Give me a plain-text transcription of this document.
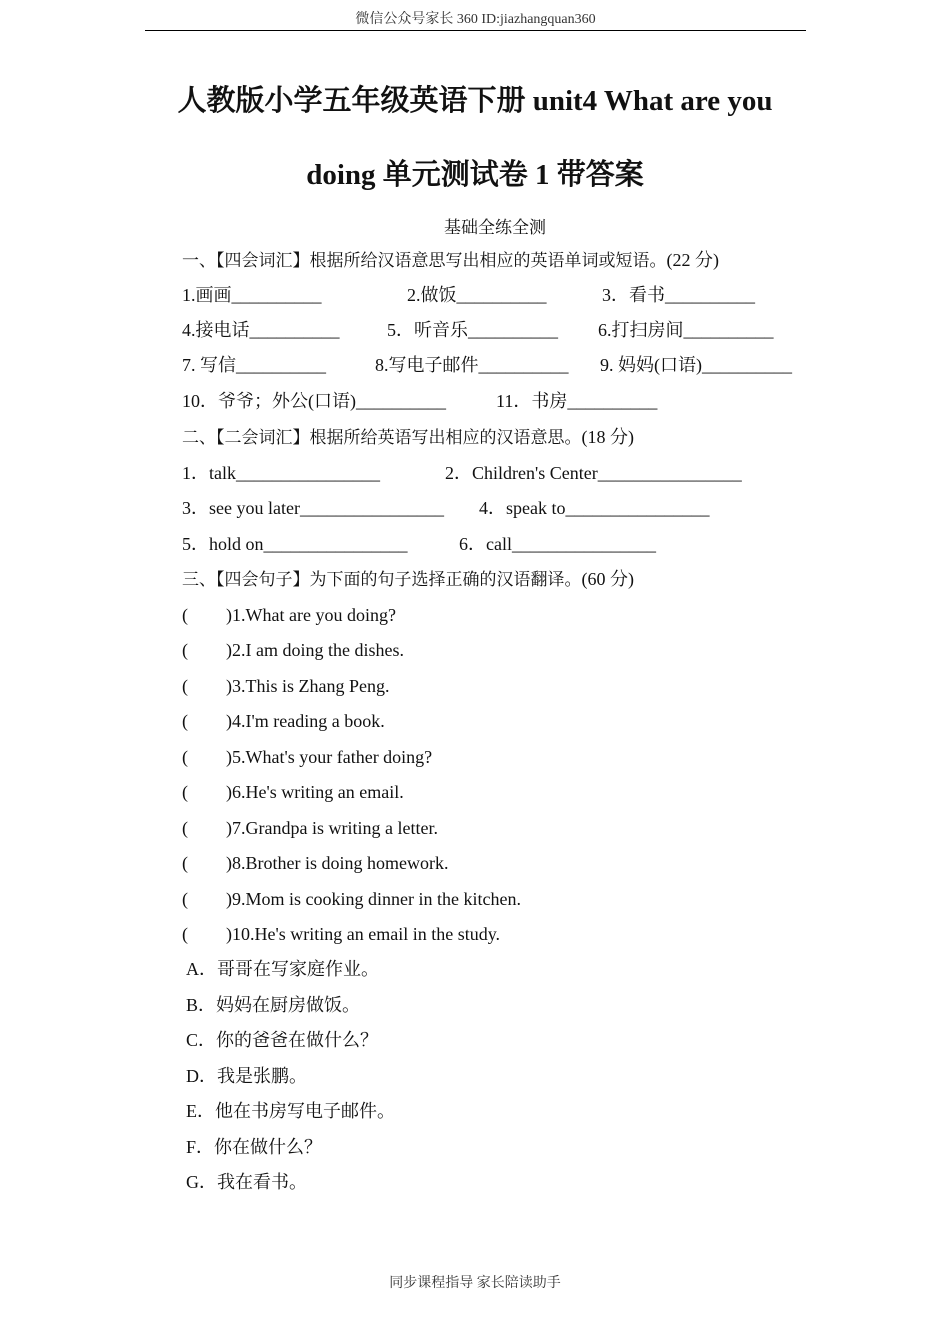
微信公众号家长 360 ID:jiazhangquan360
人教版小学五年级英语下册 unit4 What are you
doing 单元测试卷 1 带答案
基础全练全测
一、【四会词汇】根据所给汉语意思写出相应的英语单词或短语。(22 分)
1.画画__________	2.做饭__________	3．看书__________
4.接电话__________	5．听音乐__________ 6.打扫房间__________
7. 写信__________	8.写电子邮件__________ 9. 妈妈(口语)__________
10．爷爷；外公(口语)__________	11．书房__________
二、【二会词汇】根据所给英语写出相应的汉语意思。(18 分)
1．talk________________	2．Children's Center________________
3．see you later________________ 4．speak to________________
5．hold on________________	6．call________________
三、【四会句子】为下面的句子选择正确的汉语翻译。(60 分)
( )1.What are you doing?
( )2.I am doing the dishes.
( )3.This is Zhang Peng.
( )4.I'm reading a book.
( )5.What's your father doing?
( )6.He's writing an email.
( )7.Grandpa is writing a letter.
( )8.Brother is doing homework.
( )9.Mom is cooking dinner in the kitchen.
( )10.He's writing an email in the study.
A．哥哥在写家庭作业。
B．妈妈在厨房做饭。
C．你的爸爸在做什么？
D．我是张鹏。
E．他在书房写电子邮件。
F．你在做什么？
G．我在看书。
同步课程指导 家长陪读助手
